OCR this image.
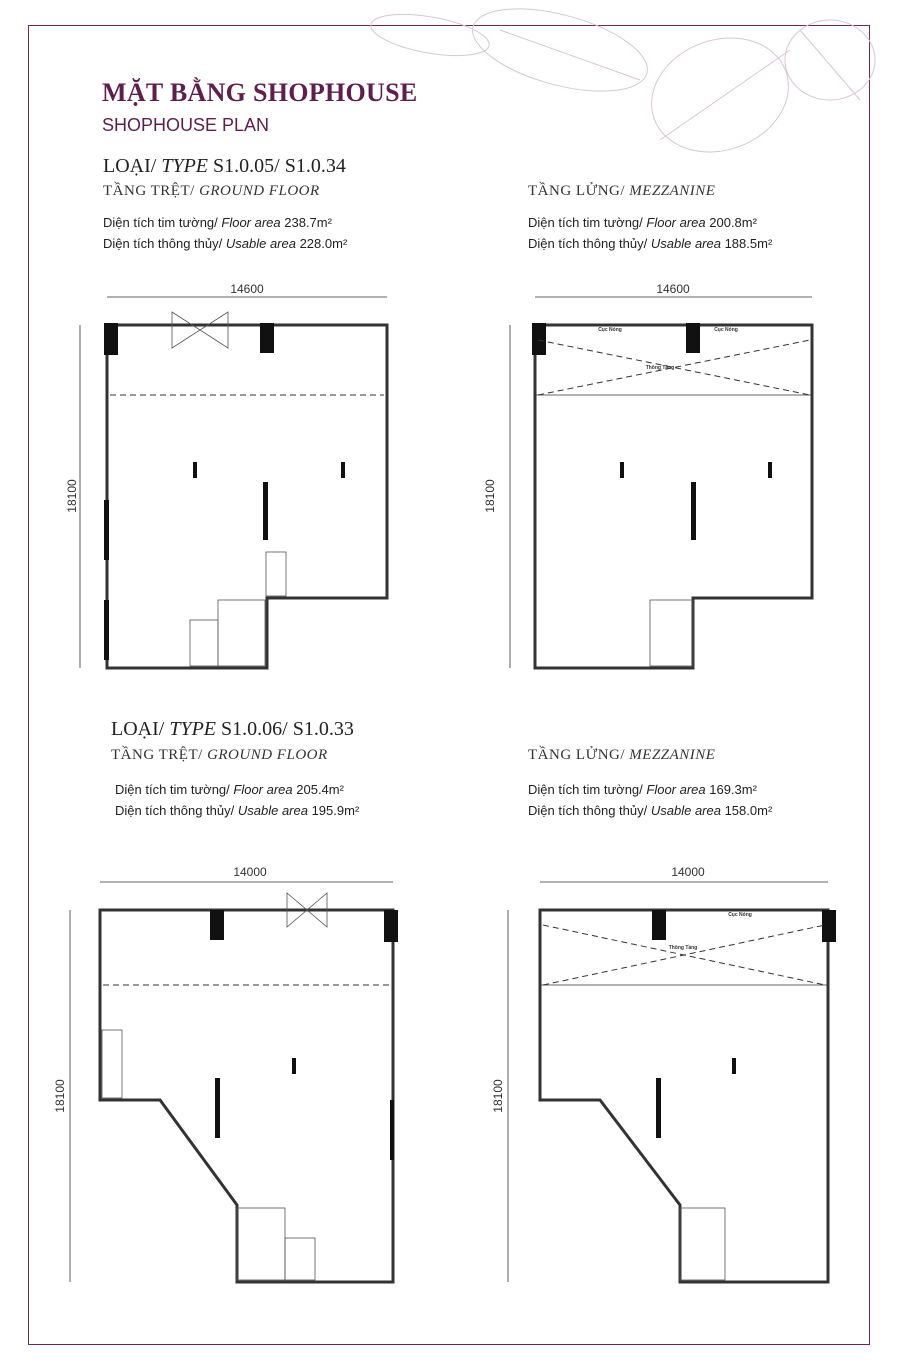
14600	14600
14000	14000
18100	18100
18100	18100
Cục Nóng	Cục Nóng
Thông Tầng
Cục Nóng
Thông Tầng
MẶT BẰNG SHOPHOUSE
SHOPHOUSE PLAN
LOẠI/ TYPE S1.0.05/ S1.0.34
TẦNG TRỆT/ GROUND FLOOR
Diện tích tim tường/ Floor area 238.7m²
Diện tích thông thủy/ Usable area 228.0m²
TẦNG LỬNG/ MEZZANINE
Diện tích tim tường/ Floor area 200.8m²
Diện tích thông thủy/ Usable area 188.5m²
LOẠI/ TYPE S1.0.06/ S1.0.33
TẦNG TRỆT/ GROUND FLOOR
Diện tích tim tường/ Floor area 205.4m²
Diện tích thông thủy/ Usable area 195.9m²
TẦNG LỬNG/ MEZZANINE
Diện tích tim tường/ Floor area 169.3m²
Diện tích thông thủy/ Usable area 158.0m²
